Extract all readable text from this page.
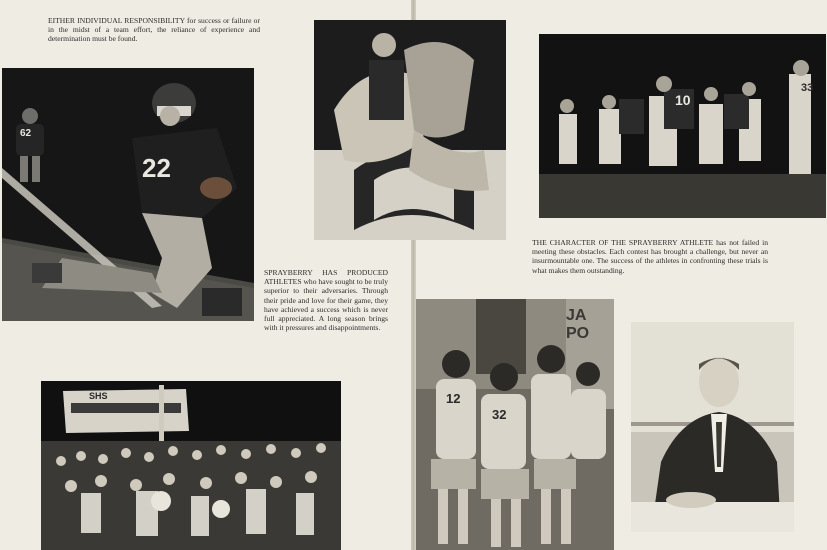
EITHER INDIVIDUAL RESPONSIBILITY for success or failure or in the midst of a team effort, the reliance of experience and determination must be found.

22
62

SPRAYBERRY HAS PRODUCED ATHLETES who have sought to be truly superior to their adversaries. Through their pride and love for their game, they have achieved a success which is never full appreciated. A long season brings with it pressures and disappointments.

SHS
10
33

THE CHARACTER OF THE SPRAYBERRY ATHLETE has not failed in meeting these obstacles. Each contest has brought a challenge, but never an insurmountable one. The success of the athletes in confronting these trials is what makes them outstanding.

JA PO
12
32
